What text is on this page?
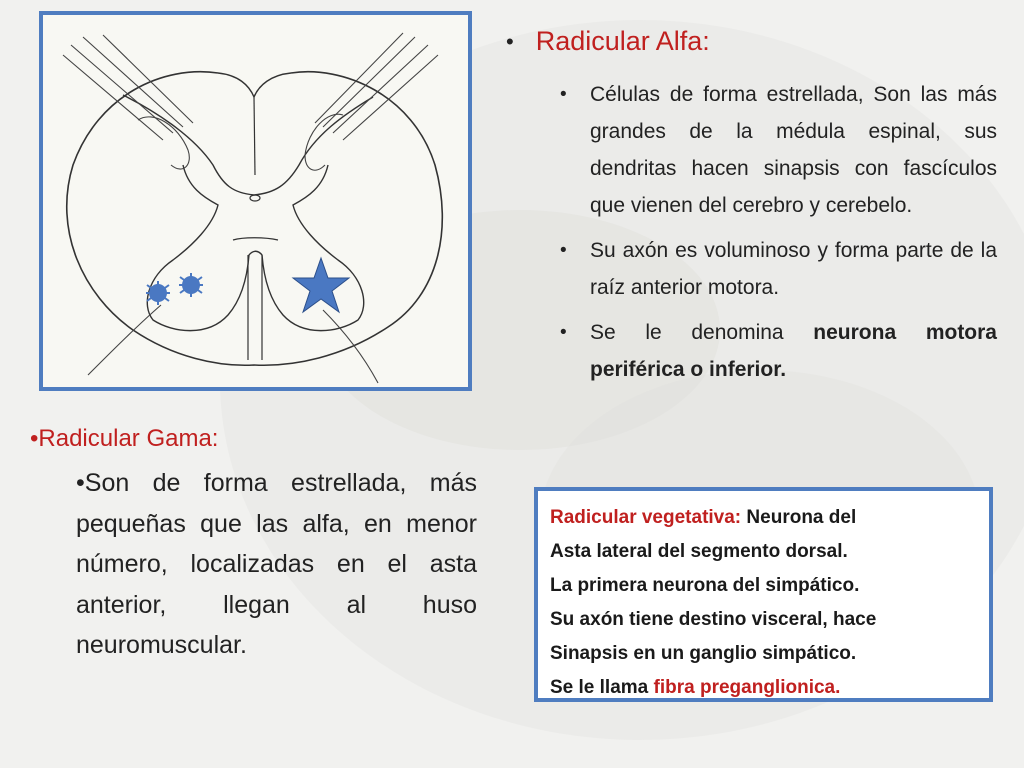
• Radicular Alfa:
• Células de forma estrellada, Son las más grandes de la médula espinal, sus dendritas hacen sinapsis con fascículos que vienen del cerebro y cerebelo.
• Su axón es voluminoso y forma parte de la raíz anterior motora.
• Se le denomina neurona motora periférica o inferior.
•Radicular Gama:
•Son de forma estrellada, más pequeñas que las alfa, en menor número, localizadas en el asta anterior, llegan al huso neuromuscular.
Radicular vegetativa: Neurona del
Asta lateral del segmento dorsal.
La primera neurona del simpático.
Su axón tiene destino visceral, hace
Sinapsis en un ganglio simpático.
Se le llama fibra preganglionica.
